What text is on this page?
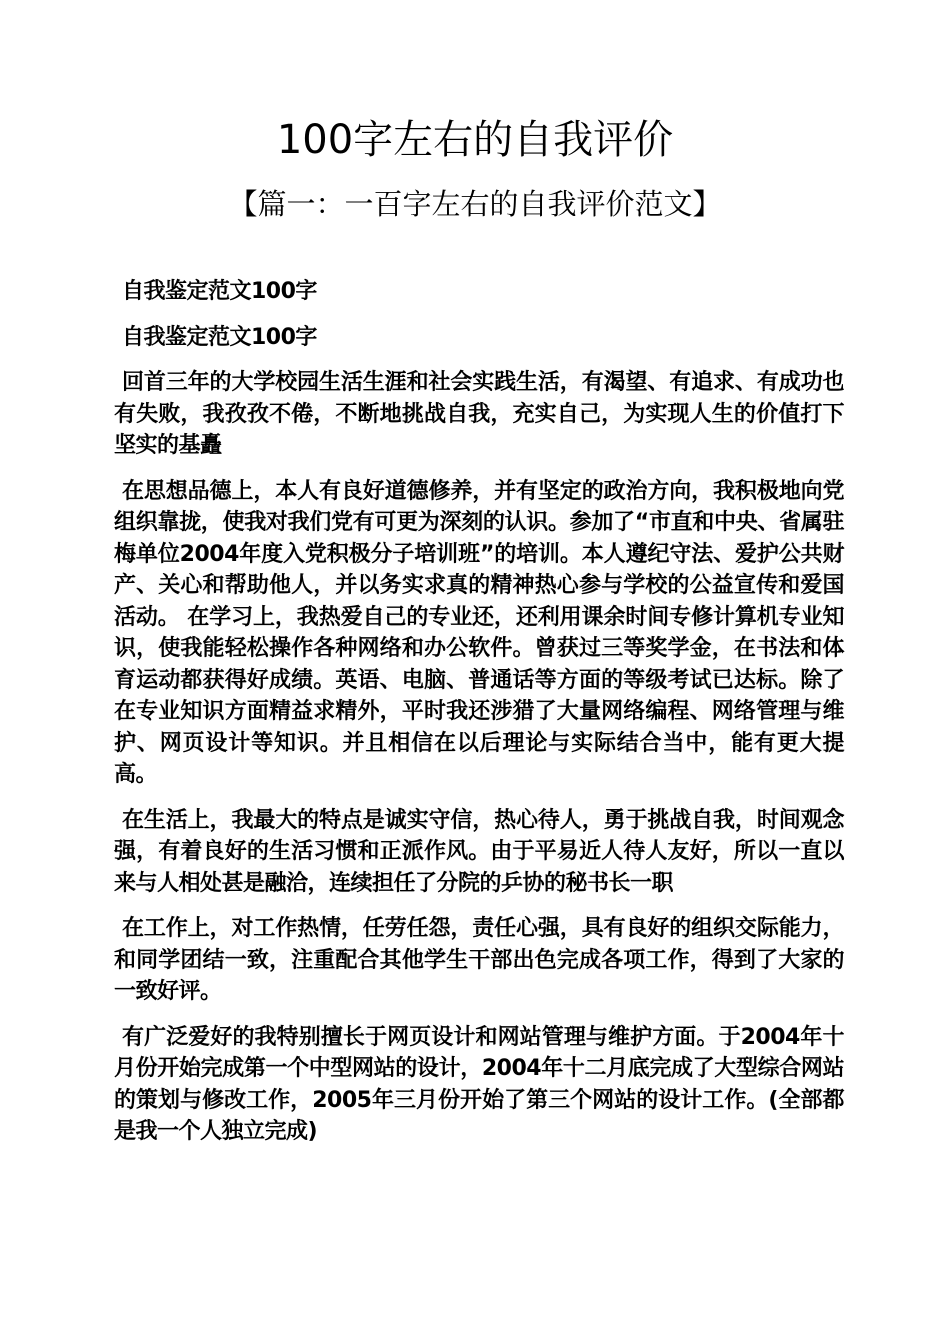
100字左右的自我评价
【篇一：一百字左右的自我评价范文】

自我鉴定范文100字

自我鉴定范文100字

回首三年的大学校园生活生涯和社会实践生活，有渴望、有追求、有成功也有失败，我孜孜不倦，不断地挑战自我，充实自己，为实现人生的价值打下坚实的基矗

在思想品德上，本人有良好道德修养，并有坚定的政治方向，我积极地向党组织靠拢，使我对我们党有可更为深刻的认识。参加了“市直和中央、省属驻梅单位2004年度入党积极分子培训班”的培训。本人遵纪守法、爱护公共财产、关心和帮助他人，并以务实求真的精神热心参与学校的公益宣传和爱国活动。 在学习上，我热爱自己的专业还，还利用课余时间专修计算机专业知识，使我能轻松操作各种网络和办公软件。曾获过三等奖学金，在书法和体育运动都获得好成绩。英语、电脑、普通话等方面的等级考试已达标。除了在专业知识方面精益求精外，平时我还涉猎了大量网络编程、网络管理与维护、网页设计等知识。并且相信在以后理论与实际结合当中，能有更大提高。

在生活上，我最大的特点是诚实守信，热心待人，勇于挑战自我，时间观念强，有着良好的生活习惯和正派作风。由于平易近人待人友好，所以一直以来与人相处甚是融洽，连续担任了分院的乒协的秘书长一职

在工作上，对工作热情，任劳任怨，责任心强，具有良好的组织交际能力，和同学团结一致，注重配合其他学生干部出色完成各项工作，得到了大家的一致好评。

有广泛爱好的我特别擅长于网页设计和网站管理与维护方面。于2004年十月份开始完成第一个中型网站的设计，2004年十二月底完成了大型综合网站的策划与修改工作，2005年三月份开始了第三个网站的设计工作。(全部都是我一个人独立完成)
